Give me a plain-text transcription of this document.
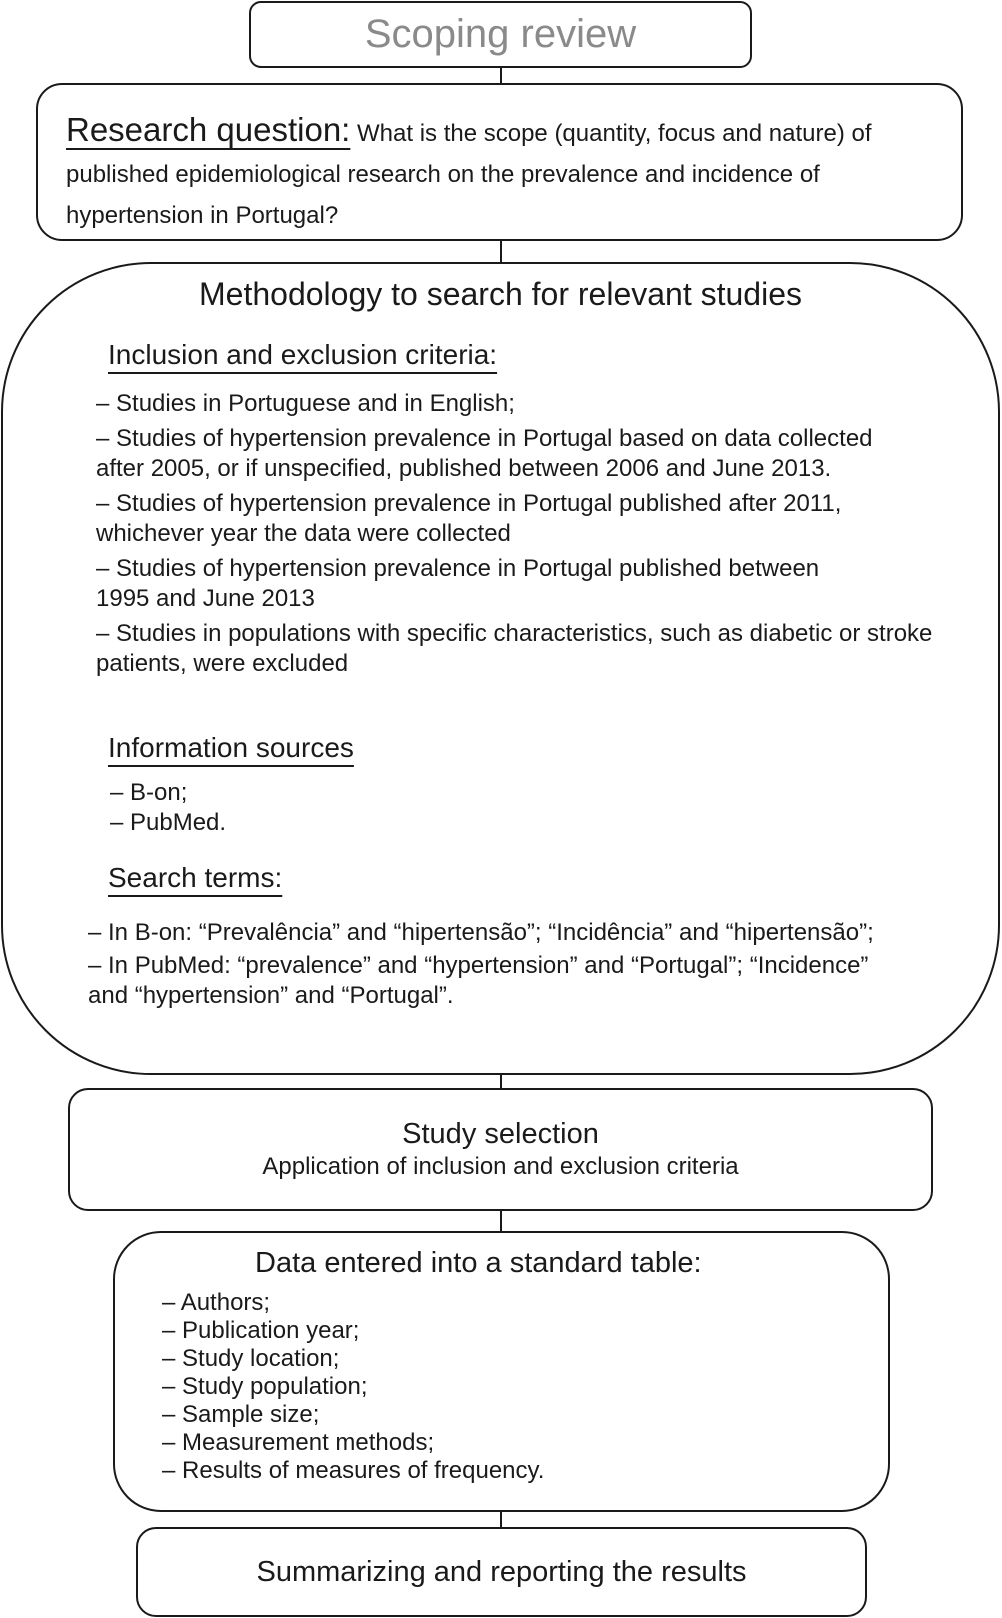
Scoping review
Research question: What is the scope (quantity, focus and nature) of published epidemiological research on the prevalence and incidence of hypertension in Portugal?
Methodology to search for relevant studies
Inclusion and exclusion criteria:
– Studies in Portuguese and in English;
– Studies of hypertension prevalence in Portugal based on data collected
after 2005, or if unspecified, published between 2006 and June 2013.
– Studies of hypertension prevalence in Portugal published after 2011,
whichever year the data were collected
– Studies of hypertension prevalence in Portugal published between
1995 and June 2013
– Studies in populations with specific characteristics, such as diabetic or stroke
patients, were excluded
Information sources
– B-on;
– PubMed.
Search terms:
– In B-on: “Prevalência” and “hipertensão”; “Incidência” and “hipertensão”;
– In PubMed: “prevalence” and “hypertension” and “Portugal”; “Incidence”
and “hypertension” and “Portugal”.
Study selection
Application of inclusion and exclusion criteria
Data entered into a standard table:
– Authors;
– Publication year;
– Study location;
– Study population;
– Sample size;
– Measurement methods;
– Results of measures of frequency.
Summarizing and reporting the results
